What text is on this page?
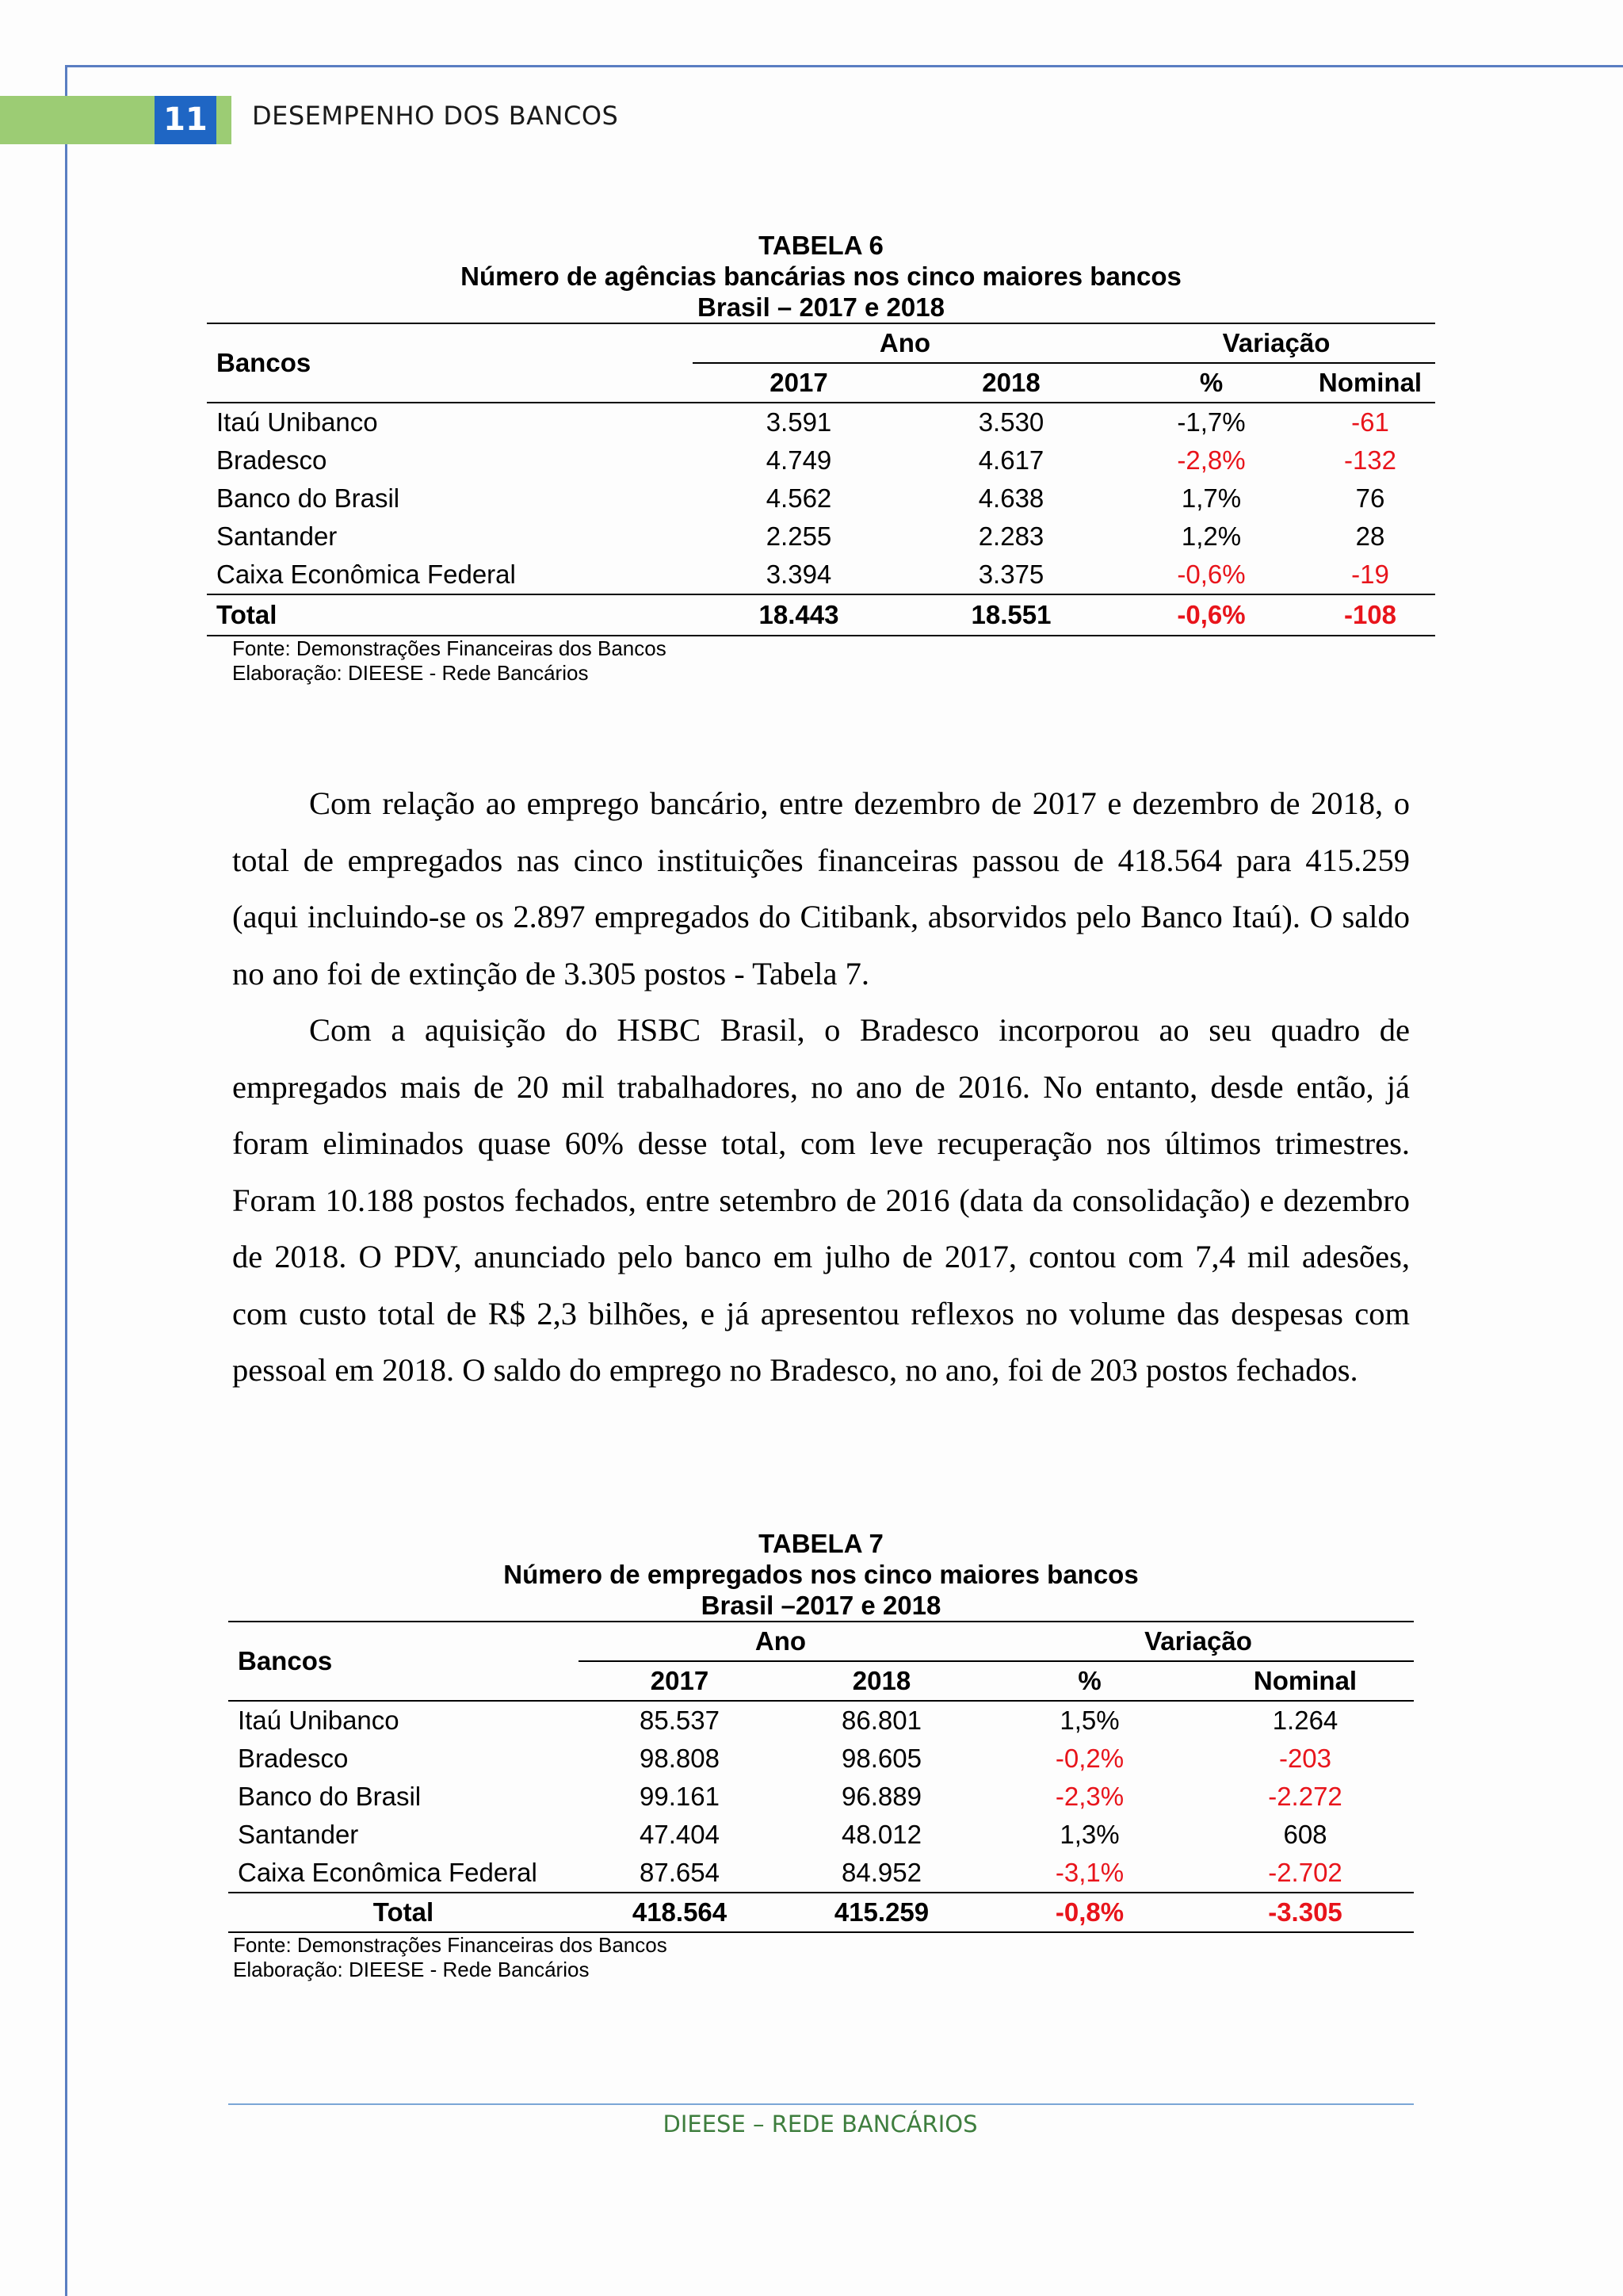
11	DESEMPENHO DOS BANCOS
TABELA 6
Número de agências bancárias nos cinco maiores bancos
Brasil – 2017 e 2018
Bancos	Ano		Variação	
	2017	2018	%	Nominal
Itaú Unibanco	3.591	3.530	-1,7%	-61
Bradesco	4.749	4.617	-2,8%	-132
Banco do Brasil	4.562	4.638	1,7%	76
Santander	2.255	2.283	1,2%	28
Caixa Econômica Federal	3.394	3.375	-0,6%	-19
Total	18.443	18.551	-0,6%	-108
Fonte: Demonstrações Financeiras dos Bancos
Elaboração: DIEESE - Rede Bancários

Com relação ao emprego bancário, entre dezembro de 2017 e dezembro de 2018, o total de empregados nas cinco instituições financeiras passou de 418.564 para 415.259 (aqui incluindo-se os 2.897 empregados do Citibank, absorvidos pelo Banco Itaú). O saldo no ano foi de extinção de 3.305 postos - Tabela 7.

Com a aquisição do HSBC Brasil, o Bradesco incorporou ao seu quadro de empregados mais de 20 mil trabalhadores, no ano de 2016. No entanto, desde então, já foram eliminados quase 60% desse total, com leve recuperação nos últimos trimestres. Foram 10.188 postos fechados, entre setembro de 2016 (data da consolidação) e dezembro de 2018. O PDV, anunciado pelo banco em julho de 2017, contou com 7,4 mil adesões, com custo total de R$ 2,3 bilhões, e já apresentou reflexos no volume das despesas com pessoal em 2018. O saldo do emprego no Bradesco, no ano, foi de 203 postos fechados.

TABELA 7
Número de empregados nos cinco maiores bancos
Brasil –2017 e 2018
Bancos	Ano		Variação	
	2017	2018	%	Nominal
Itaú Unibanco	85.537	86.801	1,5%	1.264
Bradesco	98.808	98.605	-0,2%	-203
Banco do Brasil	99.161	96.889	-2,3%	-2.272
Santander	47.404	48.012	1,3%	608
Caixa Econômica Federal	87.654	84.952	-3,1%	-2.702
Total	418.564	415.259	-0,8%	-3.305
Fonte: Demonstrações Financeiras dos Bancos
Elaboração: DIEESE - Rede Bancários
DIEESE – REDE BANCÁRIOS
